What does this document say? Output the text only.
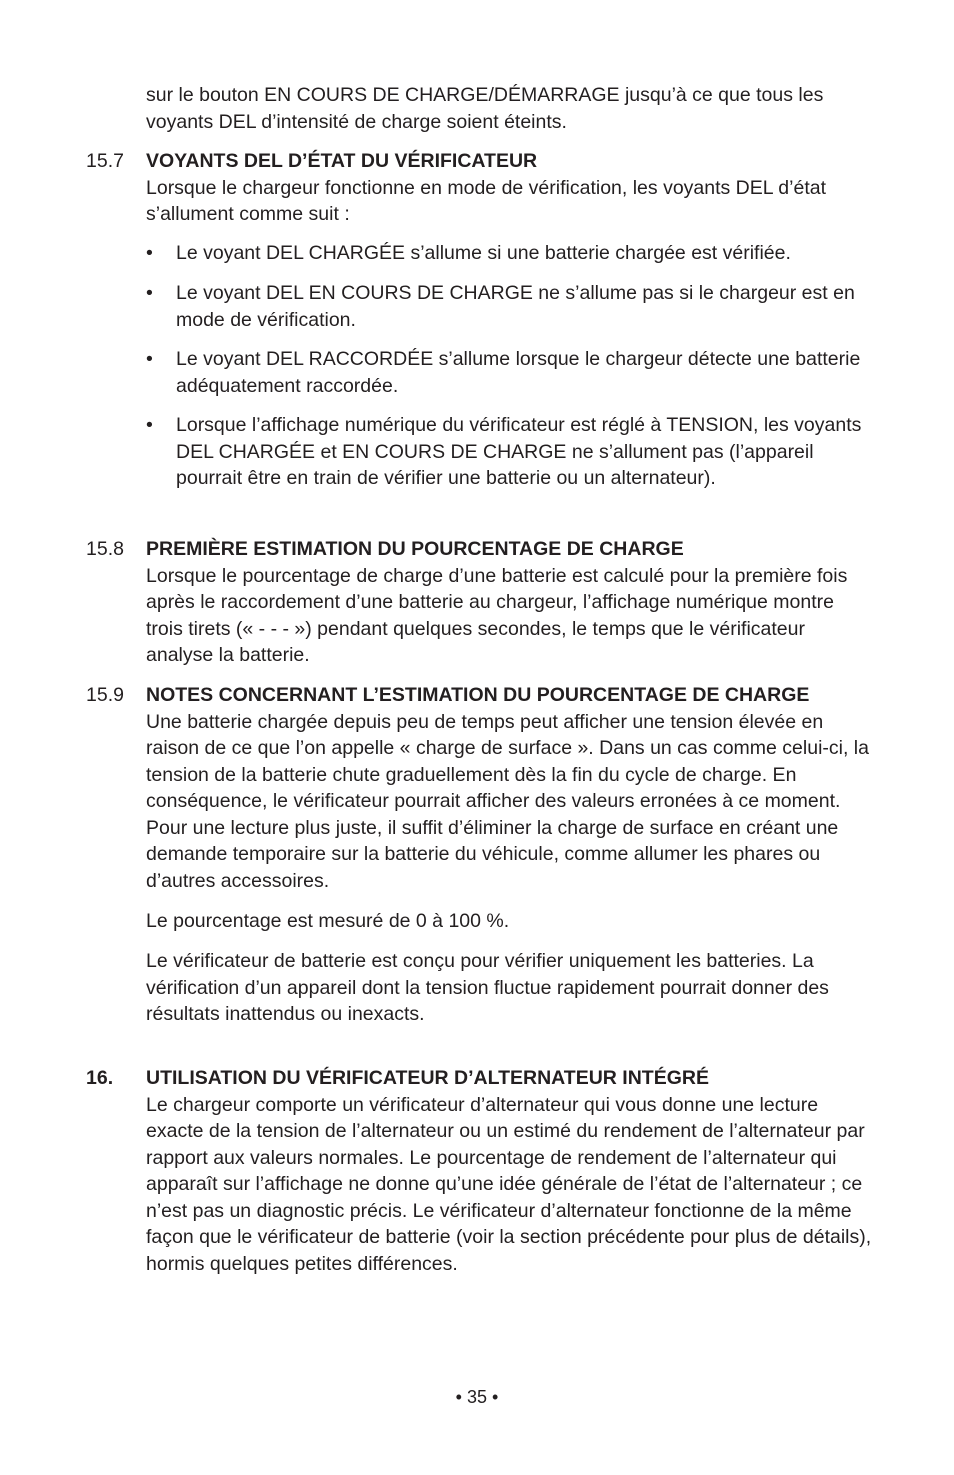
sur le bouton EN COURS DE CHARGE/DÉMARRAGE jusqu’à ce que tous les voyants DEL d’intensité de charge soient éteints.

15.7 VOYANTS DEL D’ÉTAT DU VÉRIFICATEUR
Lorsque le chargeur fonctionne en mode de vérification, les voyants DEL d’état s’allument comme suit :

• Le voyant DEL CHARGÉE s’allume si une batterie chargée est vérifiée.

• Le voyant DEL EN COURS DE CHARGE ne s’allume pas si le chargeur est en mode de vérification.

• Le voyant DEL RACCORDÉE s’allume lorsque le chargeur détecte une batterie adéquatement raccordée.

• Lorsque l’affichage numérique du vérificateur est réglé à TENSION, les voyants DEL CHARGÉE et EN COURS DE CHARGE ne s’allument pas (l’appareil pourrait être en train de vérifier une batterie ou un alternateur).

15.8 PREMIÈRE ESTIMATION DU POURCENTAGE DE CHARGE
Lorsque le pourcentage de charge d’une batterie est calculé pour la première fois après le raccordement d’une batterie au chargeur, l’affichage numérique montre trois tirets (« - - - ») pendant quelques secondes, le temps que le vérificateur analyse la batterie.

15.9 NOTES CONCERNANT L’ESTIMATION DU POURCENTAGE DE CHARGE
Une batterie chargée depuis peu de temps peut afficher une tension élevée en raison de ce que l’on appelle « charge de surface ». Dans un cas comme celui-ci, la tension de la batterie chute graduellement dès la fin du cycle de charge. En conséquence, le vérificateur pourrait afficher des valeurs erronées à ce moment. Pour une lecture plus juste, il suffit d’éliminer la charge de surface en créant une demande temporaire sur la batterie du véhicule, comme allumer les phares ou d’autres accessoires.

Le pourcentage est mesuré de 0 à 100 %.

Le vérificateur de batterie est conçu pour vérifier uniquement les batteries. La vérification d’un appareil dont la tension fluctue rapidement pourrait donner des résultats inattendus ou inexacts.

16. UTILISATION DU VÉRIFICATEUR D’ALTERNATEUR INTÉGRÉ
Le chargeur comporte un vérificateur d’alternateur qui vous donne une lecture exacte de la tension de l’alternateur ou un estimé du rendement de l’alternateur par rapport aux valeurs normales. Le pourcentage de rendement de l’alternateur qui apparaît sur l’affichage ne donne qu’une idée générale de l’état de l’alternateur ; ce n’est pas un diagnostic précis. Le vérificateur d’alternateur fonctionne de la même façon que le vérificateur de batterie (voir la section précédente pour plus de détails), hormis quelques petites différences.
• 35 •
